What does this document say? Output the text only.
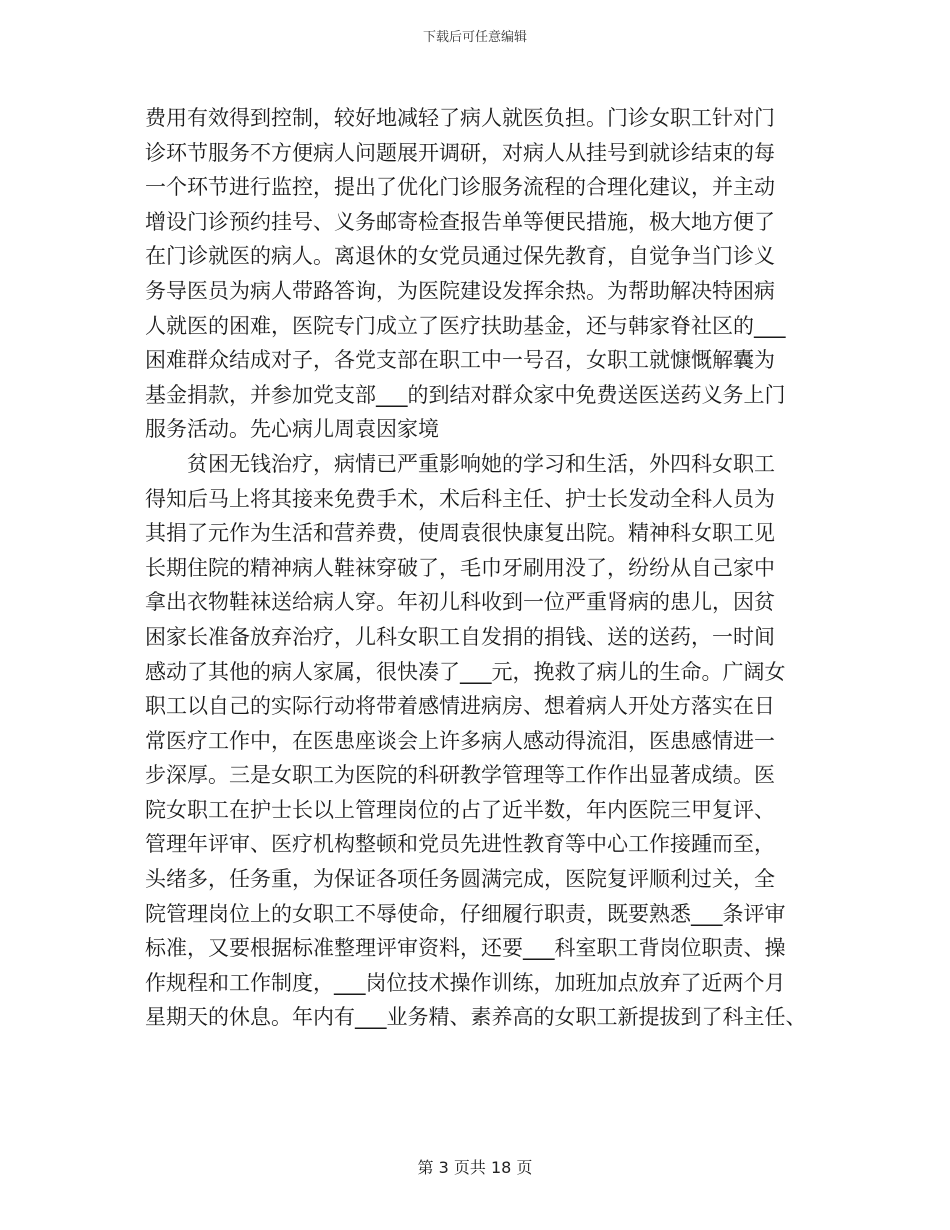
下载后可任意编辑
费用有效得到控制，较好地减轻了病人就医负担。门诊女职工针对门
诊环节服务不方便病人问题展开调研，对病人从挂号到就诊结束的每
一个环节进行监控，提出了优化门诊服务流程的合理化建议，并主动
增设门诊预约挂号、义务邮寄检查报告单等便民措施，极大地方便了
在门诊就医的病人。离退休的女党员通过保先教育，自觉争当门诊义
务导医员为病人带路答询，为医院建设发挥余热。为帮助解决特困病
人就医的困难，医院专门成立了医疗扶助基金，还与韩家脊社区的___
困难群众结成对子，各党支部在职工中一号召，女职工就慷慨解囊为
基金捐款，并参加党支部___的到结对群众家中免费送医送药义务上门
服务活动。先心病儿周袁因家境
　　贫困无钱治疗，病情已严重影响她的学习和生活，外四科女职工
得知后马上将其接来免费手术，术后科主任、护士长发动全科人员为
其捐了元作为生活和营养费，使周袁很快康复出院。精神科女职工见
长期住院的精神病人鞋袜穿破了，毛巾牙刷用没了，纷纷从自己家中
拿出衣物鞋袜送给病人穿。年初儿科收到一位严重肾病的患儿，因贫
困家长准备放弃治疗，儿科女职工自发捐的捐钱、送的送药，一时间
感动了其他的病人家属，很快凑了___元，挽救了病儿的生命。广阔女
职工以自己的实际行动将带着感情进病房、想着病人开处方落实在日
常医疗工作中，在医患座谈会上许多病人感动得流泪，医患感情进一
步深厚。三是女职工为医院的科研教学管理等工作作出显著成绩。医
院女职工在护士长以上管理岗位的占了近半数，年内医院三甲复评、
管理年评审、医疗机构整顿和党员先进性教育等中心工作接踵而至，
头绪多，任务重，为保证各项任务圆满完成，医院复评顺利过关，全
院管理岗位上的女职工不辱使命，仔细履行职责，既要熟悉___条评审
标准，又要根据标准整理评审资料，还要___科室职工背岗位职责、操
作规程和工作制度，___岗位技术操作训练，加班加点放弃了近两个月
星期天的休息。年内有___业务精、素养高的女职工新提拔到了科主任、
第 3 页共 18 页
